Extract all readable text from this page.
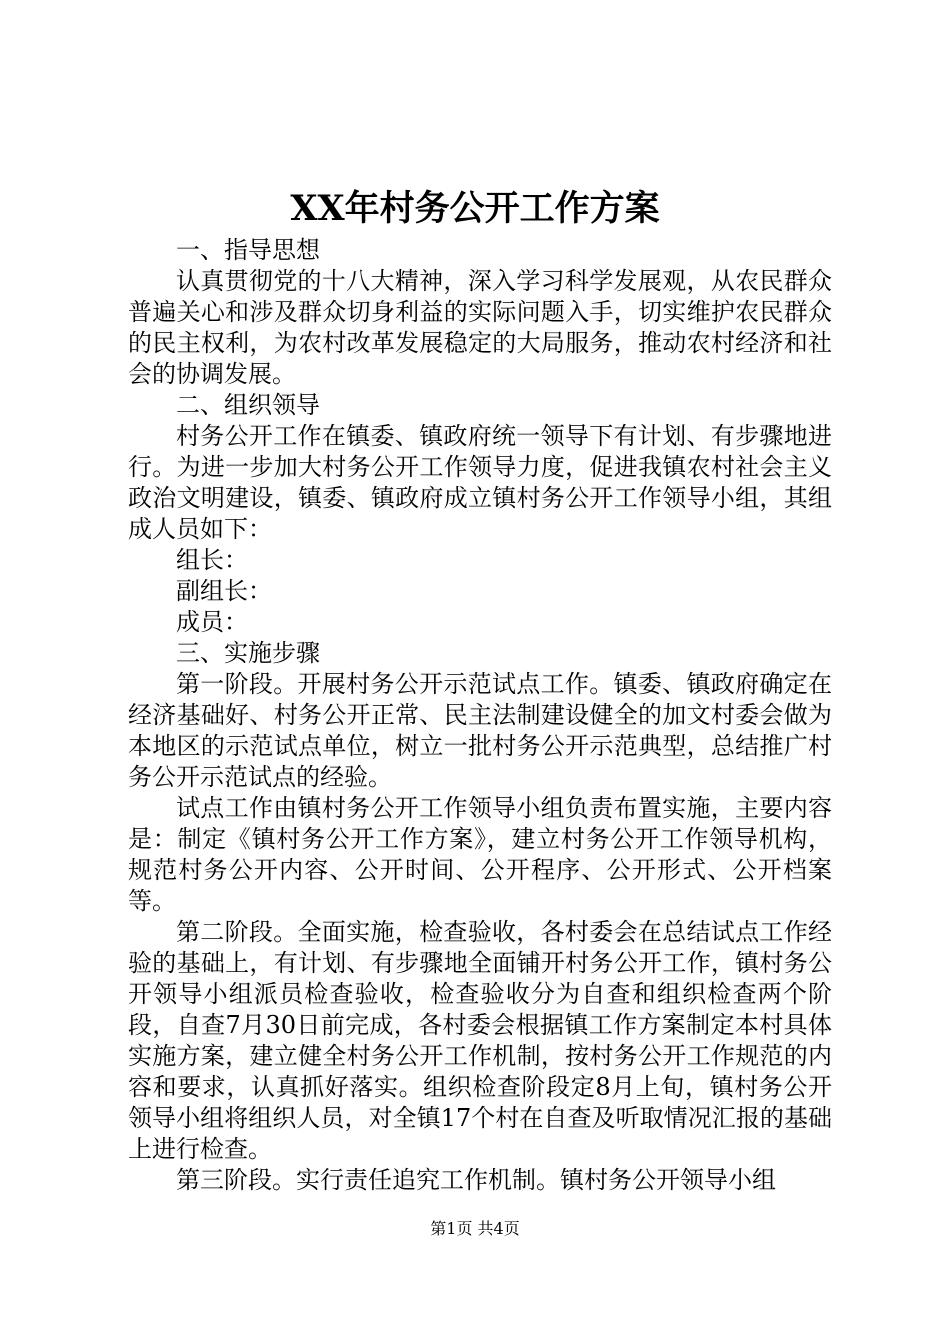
XX年村务公开工作方案

一、指导思想

认真贯彻党的十八大精神，深入学习科学发展观，从农民群众普遍关心和涉及群众切身利益的实际问题入手，切实维护农民群众的民主权利，为农村改革发展稳定的大局服务，推动农村经济和社会的协调发展。

二、组织领导

村务公开工作在镇委、镇政府统一领导下有计划、有步骤地进行。为进一步加大村务公开工作领导力度，促进我镇农村社会主义政治文明建设，镇委、镇政府成立镇村务公开工作领导小组，其组成人员如下：

组长：

副组长：

成员：

三、实施步骤

第一阶段。开展村务公开示范试点工作。镇委、镇政府确定在经济基础好、村务公开正常、民主法制建设健全的加文村委会做为本地区的示范试点单位，树立一批村务公开示范典型，总结推广村务公开示范试点的经验。

试点工作由镇村务公开工作领导小组负责布置实施，主要内容是：制定《镇村务公开工作方案》，建立村务公开工作领导机构，规范村务公开内容、公开时间、公开程序、公开形式、公开档案等。

第二阶段。全面实施，检查验收，各村委会在总结试点工作经验的基础上，有计划、有步骤地全面铺开村务公开工作，镇村务公开领导小组派员检查验收，检查验收分为自查和组织检查两个阶段，自查7月30日前完成，各村委会根据镇工作方案制定本村具体实施方案，建立健全村务公开工作机制，按村务公开工作规范的内容和要求，认真抓好落实。组织检查阶段定8月上旬，镇村务公开领导小组将组织人员，对全镇17个村在自查及听取情况汇报的基础上进行检查。

第三阶段。实行责任追究工作机制。镇村务公开领导小组

第1页 共4页
